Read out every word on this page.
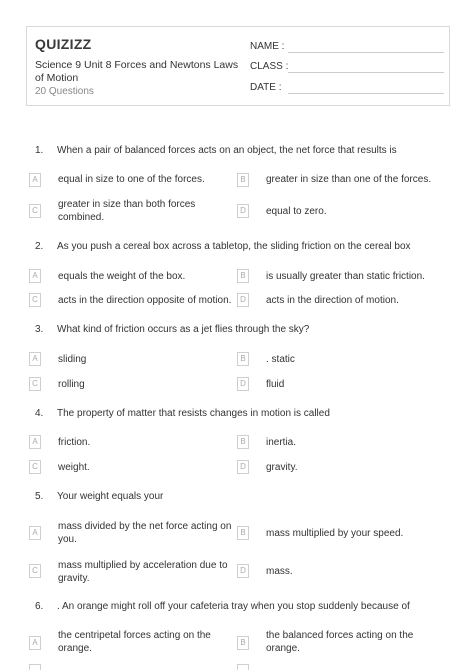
QUIZIZZ
Science 9 Unit 8 Forces and Newtons Laws of Motion
20 Questions
NAME :
CLASS :
DATE :
1.	When a pair of balanced forces acts on an object, the net force that results is
A	equal in size to one of the forces.	B	greater in size than one of the forces.
C
greater in size than both forces combined.
D	equal to zero.
2.	As you push a cereal box across a tabletop, the sliding friction on the cereal box
A	equals the weight of the box.	B	is usually greater than static friction.
C	acts in the direction opposite of motion.	D	acts in the direction of motion.
3.	What kind of friction occurs as a jet flies through the sky?
A	sliding	B	. static
C	rolling	D	fluid
4.	The property of matter that resists changes in motion is called
A	friction.	B	inertia.
C	weight.	D	gravity.
5.	Your weight equals your
A
mass divided by the net force acting on you.
B	mass multiplied by your speed.
C	mass multiplied by acceleration due to gravity.
D	mass.
6.	. An orange might roll off your cafeteria tray when you stop suddenly because of
A
the centripetal forces acting on the orange.
B
the balanced forces acting on the orange.
